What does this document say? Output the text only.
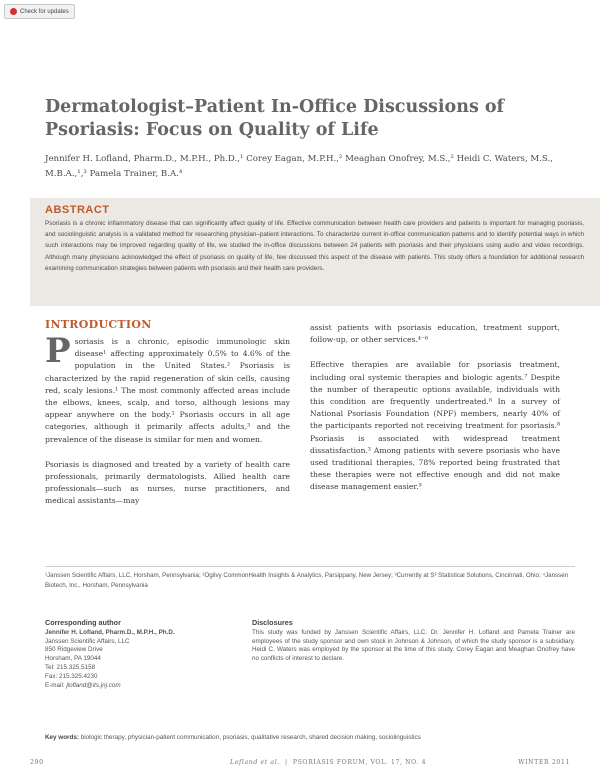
Check for updates
Dermatologist–Patient In-Office Discussions of Psoriasis: Focus on Quality of Life
Jennifer H. Lofland, Pharm.D., M.P.H., Ph.D.,¹ Corey Eagan, M.P.H.,² Meaghan Onofrey, M.S.,² Heidi C. Waters, M.S., M.B.A.,¹,³ Pamela Trainer, B.A.⁴
ABSTRACT

Psoriasis is a chronic inflammatory disease that can significantly affect quality of life. Effective communication between health care providers and patients is important for managing psoriasis, and sociolinguistic analysis is a validated method for researching physician–patient interactions. To characterize current in-office communication patterns and to identify potential ways in which such interactions may be improved regarding quality of life, we studied the in-office discussions between 24 patients with psoriasis and their physicians using audio and video recordings. Although many physicians acknowledged the effect of psoriasis on quality of life, few discussed this aspect of the disease with patients. This study offers a foundation for additional research examining communication strategies between patients with psoriasis and their health care providers.

INTRODUCTION

Psoriasis is a chronic, episodic immunologic skin disease¹ affecting approximately 0.5% to 4.6% of the population in the United States.² Psoriasis is characterized by the rapid regeneration of skin cells, causing red, scaly lesions.¹ The most commonly affected areas include the elbows, knees, scalp, and torso, although lesions may appear anywhere on the body.¹ Psoriasis occurs in all age categories, although it primarily affects adults,³ and the prevalence of the disease is similar for men and women.

Psoriasis is diagnosed and treated by a variety of health care professionals, primarily dermatologists. Allied health care professionals—such as nurses, nurse practitioners, and medical assistants—may

assist patients with psoriasis education, treatment support, follow-up, or other services.⁴⁻⁶

Effective therapies are available for psoriasis treatment, including oral systemic therapies and biologic agents.⁷ Despite the number of therapeutic options available, individuals with this condition are frequently undertreated.⁸ In a survey of National Psoriasis Foundation (NPF) members, nearly 40% of the participants reported not receiving treatment for psoriasis.⁸ Psoriasis is associated with widespread treatment dissatisfaction.³ Among patients with severe psoriasis who have used traditional therapies, 78% reported being frustrated that these therapies were not effective enough and did not make disease management easier.⁹

¹Janssen Scientific Affairs, LLC, Horsham, Pennsylvania; ²Ogilvy CommonHealth Insights & Analytics, Parsippany, New Jersey; ³Currently at S³ Statistical Solutions, Cincinnati, Ohio; ⁴Janssen Biotech, Inc., Horsham, Pennsylvania
Corresponding author
Jennifer H. Lofland, Pharm.D., M.P.H., Ph.D.
Janssen Scientific Affairs, LLC
850 Ridgeview Drive
Horsham, PA 19044
Tel: 215.325.5158
Fax: 215.325.4230
E-mail: jlofland@its.jnj.com
Disclosures
This study was funded by Janssen Scientific Affairs, LLC. Dr. Jennifer H. Lofland and Pamela Trainer are employees of the study sponsor and own stock in Johnson & Johnson, of which the study sponsor is a subsidiary. Heidi C. Waters was employed by the sponsor at the time of this study. Corey Eagan and Meaghan Onofrey have no conflicts of interest to declare.
Key words: biologic therapy, physician-patient communication, psoriasis, qualitative research, shared decision making, sociolinguistics
290	Lofland et al.  |  PSORIASIS FORUM, VOL. 17, NO. 4	WINTER 2011
